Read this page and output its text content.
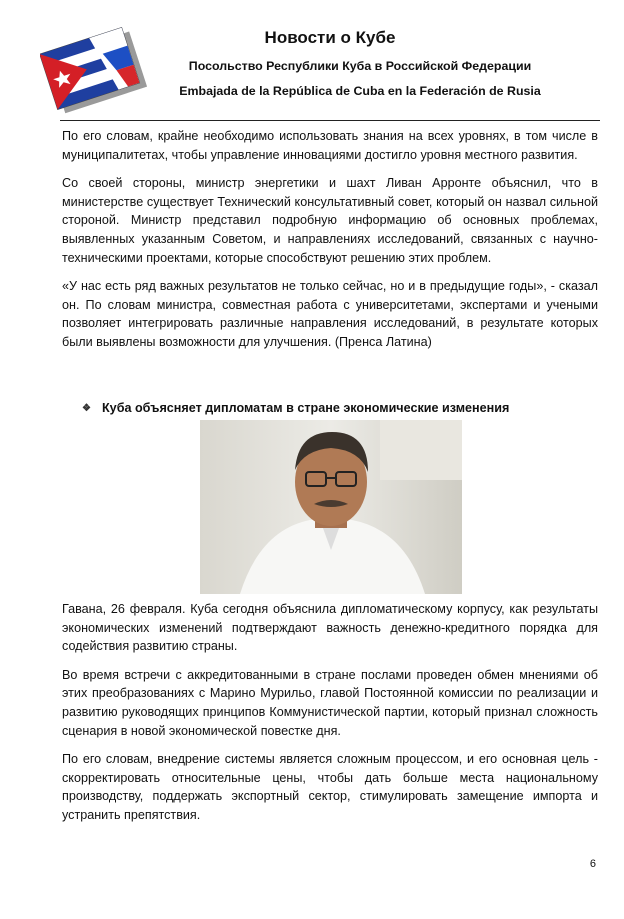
Новости о Кубе
Посольство Республики Куба в Российской Федерации
Embajada de la República de Cuba en la Federación de Rusia

По его словам, крайне необходимо использовать знания на всех уровнях, в том числе в муниципалитетах, чтобы управление инновациями достигло уровня местного развития.

Со своей стороны, министр энергетики и шахт Ливан Арронте объяснил, что в министерстве существует Технический консультативный совет, который он назвал сильной стороной. Министр представил подробную информацию об основных проблемах, выявленных указанным Советом, и направлениях исследований, связанных с научно-техническими проектами, которые способствуют решению этих проблем.

«У нас есть ряд важных результатов не только сейчас, но и в предыдущие годы», - сказал он. По словам министра, совместная работа с университетами, экспертами и учеными позволяет интегрировать различные направления исследований, в результате которых были выявлены возможности для улучшения. (Пренса Латина)

❖ Куба объясняет дипломатам в стране экономические изменения

Гавана, 26 февраля. Куба сегодня объяснила дипломатическому корпусу, как результаты экономических изменений подтверждают важность денежно-кредитного порядка для содействия развитию страны.

Во время встречи с аккредитованными в стране послами проведен обмен мнениями об этих преобразованиях с Марино Мурильо, главой Постоянной комиссии по реализации и развитию руководящих принципов Коммунистической партии, который признал сложность сценария в новой экономической повестке дня.

По его словам, внедрение системы является сложным процессом, и его основная цель - скорректировать относительные цены, чтобы дать больше места национальному производству, поддержать экспортный сектор, стимулировать замещение импорта и устранить препятствия.

6
